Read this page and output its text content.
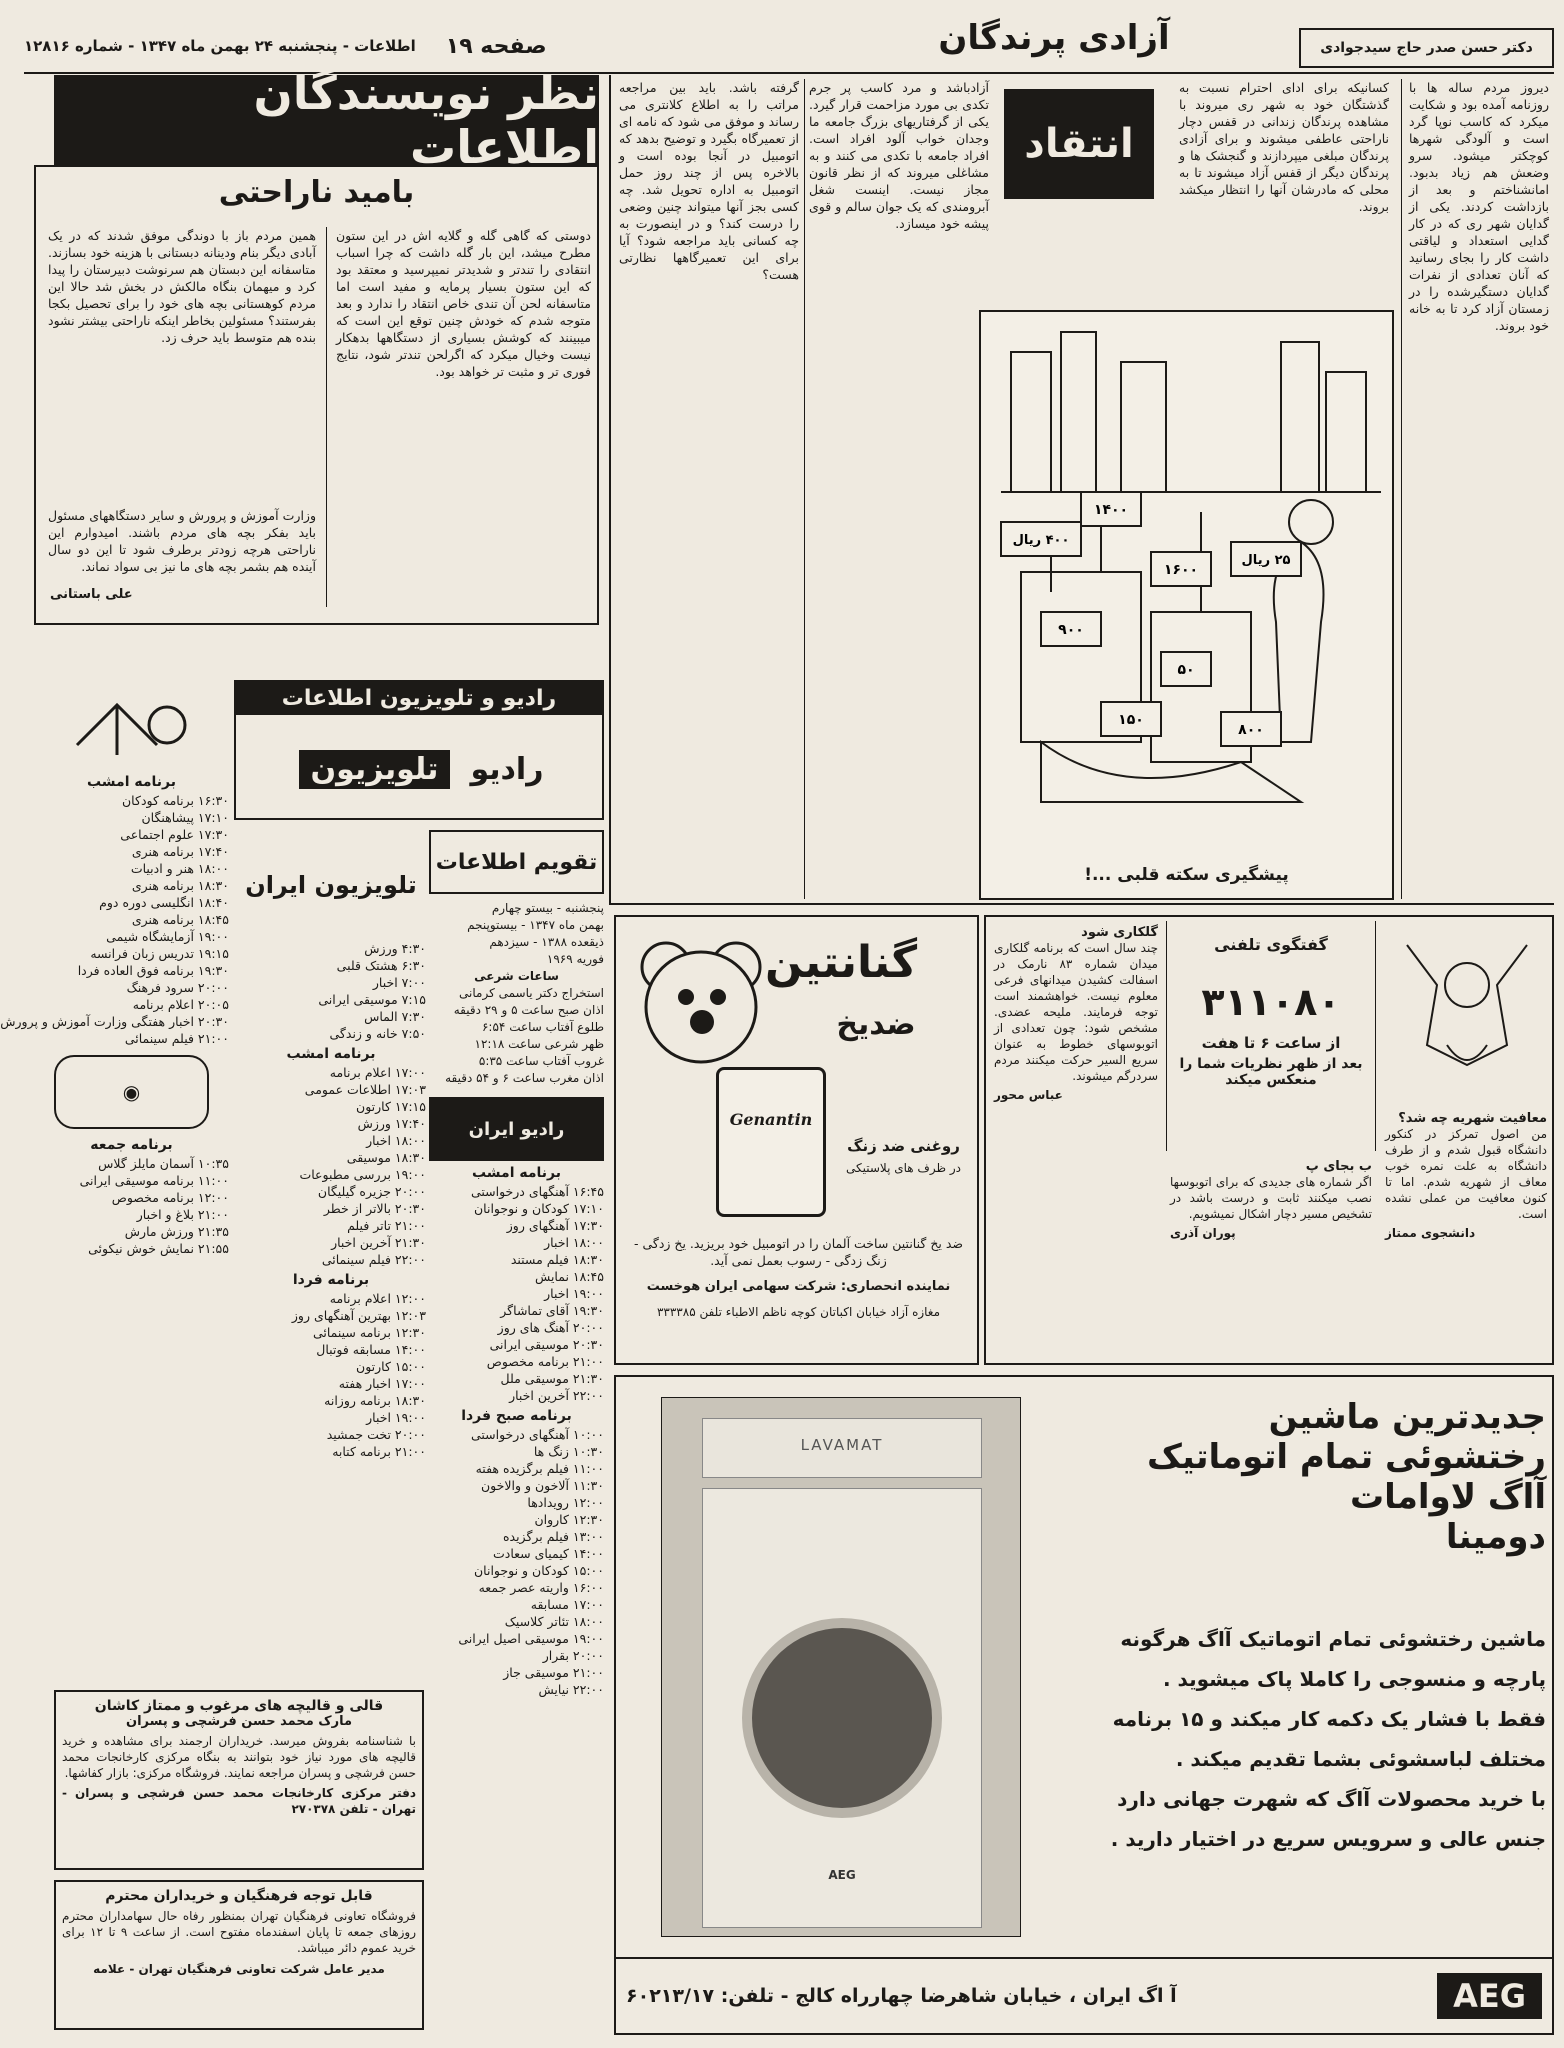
صفحه ۱۹
اطلاعات - پنجشنبه ۲۴ بهمن ماه ۱۳۴۷ - شماره ۱۲۸۱۶	آزادی پرندگان	دکتر حسن صدر حاج سیدجوادی
نظر نویسندگان اطلاعات
بامید ناراحتی
دوستی که گاهی گله و گلایه اش در این ستون مطرح میشد، این بار گله داشت که چرا اسباب انتقادی را تندتر و شدیدتر نمیپرسید و معتقد بود که این ستون بسیار پرمایه و مفید است اما متاسفانه لحن آن تندی خاص انتقاد را ندارد و بعد متوجه شدم که خودش چنین توقع این است که میبینند که کوشش بسیاری از دستگاهها بدهکار نیست وخیال میکرد که اگرلحن تندتر شود، نتایج فوری تر و مثبت تر خواهد بود.
همین مردم باز با دوندگی موفق شدند که در یک آبادی دیگر بنام ودینانه دبستانی با هزینه خود بسازند. متاسفانه این دبستان هم سرنوشت دبیرستان را پیدا کرد و میهمان بنگاه مالکش در بخش شد حالا این مردم کوهستانی بچه های خود را برای تحصیل بکجا بفرستند؟ مسئولین بخاطر اینکه ناراحتی بیشتر نشود بنده هم متوسط باید حرف زد.
وزارت آموزش و پرورش و سایر دستگاههای مسئول باید بفکر بچه های مردم باشند. امیدوارم این ناراحتی هرچه زودتر برطرف شود تا این دو سال آینده هم بشمر بچه های ما نیز بی سواد نماند.
علی باستانی
دیروز مردم ساله ها با روزنامه آمده بود و شکایت میکرد که کاسب نوپا گرد است و آلودگی شهرها کوچکتر میشود. سرو وضعش هم زیاد بدبود. امانشناختم و بعد از بازداشت کردند. یکی از گدایان شهر ری که در کار گدایی استعداد و لیاقتی داشت کار را بجای رسانید که آنان تعدادی از نفرات گدایان دستگیرشده را در زمستان آزاد کرد تا به خانه خود بروند.
کسانیکه برای ادای احترام نسبت به گذشتگان خود به شهر ری میروند با مشاهده پرندگان زندانی در قفس دچار ناراحتی عاطفی میشوند و برای آزادی پرندگان مبلغی میپردازند و گنجشک ها و پرندگان دیگر از قفس آزاد میشوند تا به محلی که مادرشان آنها را انتظار میکشد بروند.
انتقاد
آزادباشد و مرد کاسب پر جرم تکدی بی مورد مزاحمت قرار گیرد. یکی از گرفتاریهای بزرگ جامعه ما وجدان خواب آلود افراد است. افراد جامعه با تکدی می کنند و به مشاغلی میروند که از نظر قانون مجاز نیست. اینست شغل آبرومندی که یک جوان سالم و قوی پیشه خود میسازد.
گرفته باشد. باید بین مراجعه مراتب را به اطلاع کلانتری می رساند و موفق می شود که نامه ای از تعمیرگاه بگیرد و توضیح بدهد که اتومبیل در آنجا بوده است و بالاخره پس از چند روز حمل اتومبیل به اداره تحویل شد. چه کسی بجز آنها میتواند چنین وضعی را درست کند؟ و در اینصورت به چه کسانی باید مراجعه شود؟ آیا برای این تعمیرگاهها نظارتی هست؟
۱۴۰۰
۴۰۰ ریال
۱۶۰۰
۹۰۰
۵۰
۱۵۰
۲۵ ریال
۸۰۰
پیشگیری سکته قلبی ...!
رادیو و تلویزیون اطلاعات
رادیو
تلویزیون
برنامه امشب
۱۶:۳۰ برنامه کودکان
۱۷:۱۰ پیشاهنگان
۱۷:۳۰ علوم اجتماعی
۱۷:۴۰ برنامه هنری
۱۸:۰۰ هنر و ادبیات
۱۸:۳۰ برنامه هنری
۱۸:۴۰ انگلیسی دوره دوم
۱۸:۴۵ برنامه هنری
۱۹:۰۰ آزمایشگاه شیمی
۱۹:۱۵ تدریس زبان فرانسه
۱۹:۳۰ برنامه فوق العاده فردا
۲۰:۰۰ سرود فرهنگ
۲۰:۰۵ اعلام برنامه
۲۰:۳۰ اخبار هفتگی وزارت آموزش و پرورش
۲۱:۰۰ فیلم سینمائی
◉
برنامه جمعه
۱۰:۳۵ آسمان مایلز گلاس
۱۱:۰۰ برنامه موسیقی ایرانی
۱۲:۰۰ برنامه مخصوص
۲۱:۰۰ بلاغ و اخبار
۲۱:۳۵ ورزش مارش
۲۱:۵۵ نمایش خوش نیکوئی
تلویزیون ایران
۴:۳۰ ورزش
۶:۳۰ هشتک قلبی
۷:۰۰ اخبار
۷:۱۵ موسیقی ایرانی
۷:۳۰ الماس
۷:۵۰ خانه و زندگی
برنامه امشب
۱۷:۰۰ اعلام برنامه
۱۷:۰۳ اطلاعات عمومی
۱۷:۱۵ کارتون
۱۷:۴۰ ورزش
۱۸:۰۰ اخبار
۱۸:۳۰ موسیقی
۱۹:۰۰ بررسی مطبوعات
۲۰:۰۰ جزیره گیلیگان
۲۰:۳۰ بالاتر از خطر
۲۱:۰۰ تاتر فیلم
۲۱:۳۰ آخرین اخبار
۲۲:۰۰ فیلم سینمائی
برنامه فردا
۱۲:۰۰ اعلام برنامه
۱۲:۰۳ بهترین آهنگهای روز
۱۲:۳۰ برنامه سینمائی
۱۴:۰۰ مسابقه فوتبال
۱۵:۰۰ کارتون
۱۷:۰۰ اخبار هفته
۱۸:۳۰ برنامه روزانه
۱۹:۰۰ اخبار
۲۰:۰۰ تخت جمشید
۲۱:۰۰ برنامه کتابه
تقویم اطلاعات
پنجشنبه - بیستو چهارم
بهمن ماه ۱۳۴۷ - بیستوپنجم
ذیقعده ۱۳۸۸ - سیزدهم
فوریه ۱۹۶۹
ساعات شرعی
استخراج دکتر یاسمی کرمانی
اذان صبح ساعت ۵ و ۲۹ دقیقه
طلوع آفتاب ساعت ۶:۵۴
ظهر شرعی ساعت ۱۲:۱۸
غروب آفتاب ساعت ۵:۳۵
اذان مغرب ساعت ۶ و ۵۴ دقیقه
رادیو ایران
برنامه امشب
۱۶:۴۵ آهنگهای درخواستی
۱۷:۱۰ کودکان و نوجوانان
۱۷:۳۰ آهنگهای روز
۱۸:۰۰ اخبار
۱۸:۳۰ فیلم مستند
۱۸:۴۵ نمایش
۱۹:۰۰ اخبار
۱۹:۳۰ آقای تماشاگر
۲۰:۰۰ آهنگ های روز
۲۰:۳۰ موسیقی ایرانی
۲۱:۰۰ برنامه مخصوص
۲۱:۳۰ موسیقی ملل
۲۲:۰۰ آخرین اخبار
برنامه صبح فردا
۱۰:۰۰ آهنگهای درخواستی
۱۰:۳۰ زنگ ها
۱۱:۰۰ فیلم برگزیده هفته
۱۱:۳۰ آلاخون و والاخون
۱۲:۰۰ رویدادها
۱۲:۳۰ کاروان
۱۳:۰۰ فیلم برگزیده
۱۴:۰۰ کیمیای سعادت
۱۵:۰۰ کودکان و نوجوانان
۱۶:۰۰ واریته عصر جمعه
۱۷:۰۰ مسابقه
۱۸:۰۰ تئاتر کلاسیک
۱۹:۰۰ موسیقی اصیل ایرانی
۲۰:۰۰ بقرار
۲۱:۰۰ موسیقی جاز
۲۲:۰۰ نیایش
قالی و قالیچه های مرغوب و ممتاز کاشان
مارک محمد حسن فرشچی و پسران
با شناسنامه بفروش میرسد. خریداران ارجمند برای مشاهده و خرید قالیچه های مورد نیاز خود بتوانند به بنگاه مرکزی کارخانجات محمد حسن فرشچی و پسران مراجعه نمایند. فروشگاه مرکزی: بازار کفاشها.
دفتر مرکزی کارخانجات محمد حسن فرشچی و پسران - تهران - تلفن ۲۷۰۳۷۸
قابل توجه فرهنگیان و خریداران محترم
فروشگاه تعاونی فرهنگیان تهران بمنظور رفاه حال سهامداران محترم روزهای جمعه تا پایان اسفندماه مفتوح است. از ساعت ۹ تا ۱۲ برای خرید عموم دائر میباشد.
مدیر عامل شرکت تعاونی فرهنگیان تهران - علامه
گنانتین
ضدیخ
Genantin
روغنی ضد زنگ
در ظرف های پلاستیکی
ضد یخ گنانتین ساخت آلمان را در اتومبیل خود بریزید. یخ زدگی - زنگ زدگی - رسوب بعمل نمی آید.
نماینده انحصاری: شرکت سهامی ایران هوخست
مغازه آزاد خیابان اکباتان کوچه ناظم الاطباء تلفن ۳۳۳۳۸۵
گفتگوی تلفنی
۳۱۱۰۸۰
از ساعت ۶ تا هفت
بعد از ظهر نظریات شما را منعکس میکند
معافیت شهریه چه شد؟
من اصول تمرکز در کنکور دانشگاه قبول شدم و از طرف دانشگاه به علت نمره خوب معاف از شهریه شدم. اما تا کنون معافیت من عملی نشده است.
دانشجوی ممتاز
ب بجای پ
اگر شماره های جدیدی که برای اتوبوسها نصب میکنند ثابت و درست باشد در تشخیص مسیر دچار اشکال نمیشویم.
پوران آذری
گلکاری شود
چند سال است که برنامه گلکاری میدان شماره ۸۳ نارمک در اسفالت کشیدن میدانهای فرعی معلوم نیست. خواهشمند است توجه فرمایند. ملیحه عضدی. مشخص شود: چون تعدادی از اتوبوسهای خطوط به عنوان سریع السیر حرکت میکنند مردم سردرگم میشوند.
عباس محور
جدیدترین ماشین
رختشوئی تمام اتوماتیک
آاگ لاوامات
دومینا
ماشین رختشوئی تمام اتوماتیک آاگ هرگونه
پارچه و منسوجی را کاملا پاک میشوید .
فقط با فشار یک دکمه کار میکند و ۱۵ برنامه
مختلف لباسشوئی بشما تقدیم میکند .
با خرید محصولات آاگ که شهرت جهانی دارد
جنس عالی و سرویس سریع در اختیار دارید .
LAVAMAT
AEG
AEG
آ اگ ایران ، خیابان شاهرضا چهارراه کالج - تلفن: ۶۰۲۱۳/۱۷
